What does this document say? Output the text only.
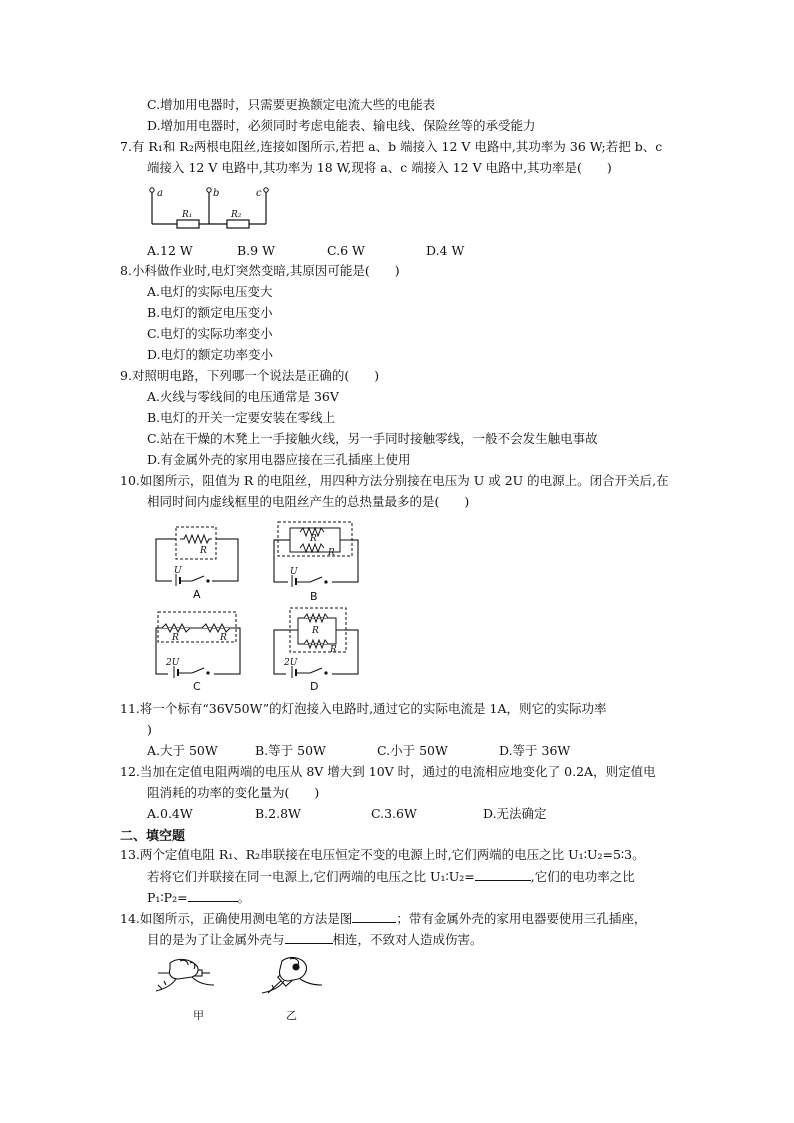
C.增加用电器时，只需要更换额定电流大些的电能表
D.增加用电器时，必须同时考虑电能表、输电线、保险丝等的承受能力
7.有 R₁和 R₂两根电阻丝,连接如图所示,若把 a、b 端接入 12 V 电路中,其功率为 36 W;若把 b、c
端接入 12 V 电路中,其功率为 18 W,现将 a、c 端接入 12 V 电路中,其功率是(　　)
a	b	c
R₁	R₂
A.12 W	B.9 W	C.6 W	D.4 W
8.小科做作业时,电灯突然变暗,其原因可能是(　　)
A.电灯的实际电压变大
B.电灯的额定电压变小
C.电灯的实际功率变小
D.电灯的额定功率变小
9.对照明电路，下列哪一个说法是正确的(　　)
A.火线与零线间的电压通常是 36V
B.电灯的开关一定要安装在零线上
C.站在干燥的木凳上一手接触火线，另一手同时接触零线，一般不会发生触电事故
D.有金属外壳的家用电器应接在三孔插座上使用
10.如图所示，阻值为 R 的电阻丝，用四种方法分别接在电压为 U 或 2U 的电源上。闭合开关后,在
相同时间内虚线框里的电阻丝产生的总热量最多的是(　　)
R
U
A
R
R
U
B
R	R
2U
C
R
R
2U
D
11.将一个标有“36V50W”的灯泡接入电路时,通过它的实际电流是 1A，则它的实际功率
)
A.大于 50W	B.等于 50W	C.小于 50W	D.等于 36W
12.当加在定值电阻两端的电压从 8V 增大到 10V 时，通过的电流相应地变化了 0.2A，则定值电
阻消耗的功率的变化量为(　　)
A.0.4W	B.2.8W	C.3.6W	D.无法确定
二、填空题
13.两个定值电阻 R₁、R₂串联接在电压恒定不变的电源上时,它们两端的电压之比 U₁∶U₂=5∶3。
若将它们并联接在同一电源上,它们两端的电压之比 U₁∶U₂=	,它们的电功率之比
P₁∶P₂=	。
14.如图所示，正确使用测电笔的方法是图	；带有金属外壳的家用电器要使用三孔插座，
目的是为了让金属外壳与	相连，不致对人造成伤害。
甲	乙
